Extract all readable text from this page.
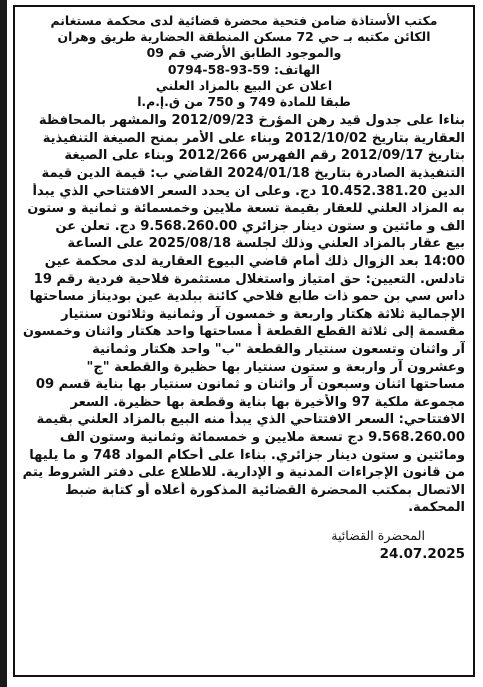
مكتب الأستاذة ضامن فتحية محضرة قضائية لدى محكمة مستغانم
الكائن مكتبه بـ حي 72 مسكن المنطقة الحضارية طريق وهران
والموجود الطابق الأرضي قم 09
الهاتف: 59-93-58-0794
اعلان عن البيع بالمزاد العلني
طبقا للمادة 749 و 750 من ق.إ.م.ا
بناءا على جدول قيد رهن المؤرخ 2012/09/23 والمشهر بالمحافظة
العقارية بتاريخ 2012/10/02 وبناء على الأمر بمنح الصيغة التنفيذية
بتاريخ 2012/09/17 رقم الفهرس 2012/266 وبناء على الصيغة
التنفيذية الصادرة بتاريخ 2024/01/18 القاضي ب: قيمة الدين قيمة
الدين 10.452.381.20 دج. وعلى ان يحدد السعر الافتتاحي الذي يبدأ
به المزاد العلني للعقار بقيمة تسعة ملايين وخمسمائة و ثمانية و ستون
الف و مائتين و ستون دينار جزائري 9.568.260.00 دج. تعلن عن
بيع عقار بالمزاد العلني وذلك لجلسة 2025/08/18 على الساعة
14:00 بعد الزوال ذلك أمام قاضي البيوع العقارية لدى محكمة عين
تادلس. التعيين: حق امتياز واستغلال مستثمرة فلاحية فردية رقم 19
داس سي بن حمو ذات طابع فلاحي كائنة ببلدية عين بوديناز مساحتها
الإجمالية ثلاثة هكتار واربعة و خمسون آر وثمانية وثلاثون سنتيار
مقسمة إلى ثلاثة القطع القطعة أ مساحتها واحد هكتار واثنان وخمسون
آر واثنان وتسعون سنتيار والقطعة "ب" واحد هكتار وثمانية
وعشرون آر واربعة و ستون سنتيار بها حظيرة والقطعة "ج"
مساحتها اثنان وسبعون آر واثنان و ثمانون سنتيار بها بناية قسم 09
مجموعة ملكية 97 والأخيرة بها بناية وقطعة بها حظيرة. السعر
الافتتاحي: السعر الافتتاحي الذي يبدأ منه البيع بالمزاد العلني بقيمة
9.568.260.00 دج تسعة ملايين و خمسمائة وثمانية وستون الف
ومائتين و ستون دينار جزائري. بناءا على أحكام المواد 748 و ما يليها
من قانون الإجراءات المدنية و الإدارية. للاطلاع على دفتر الشروط يتم
الاتصال بمكتب المحضرة القضائية المذكورة أعلاه أو كتابة ضبط
المحكمة.
المحضرة القضائية
24.07.2025
